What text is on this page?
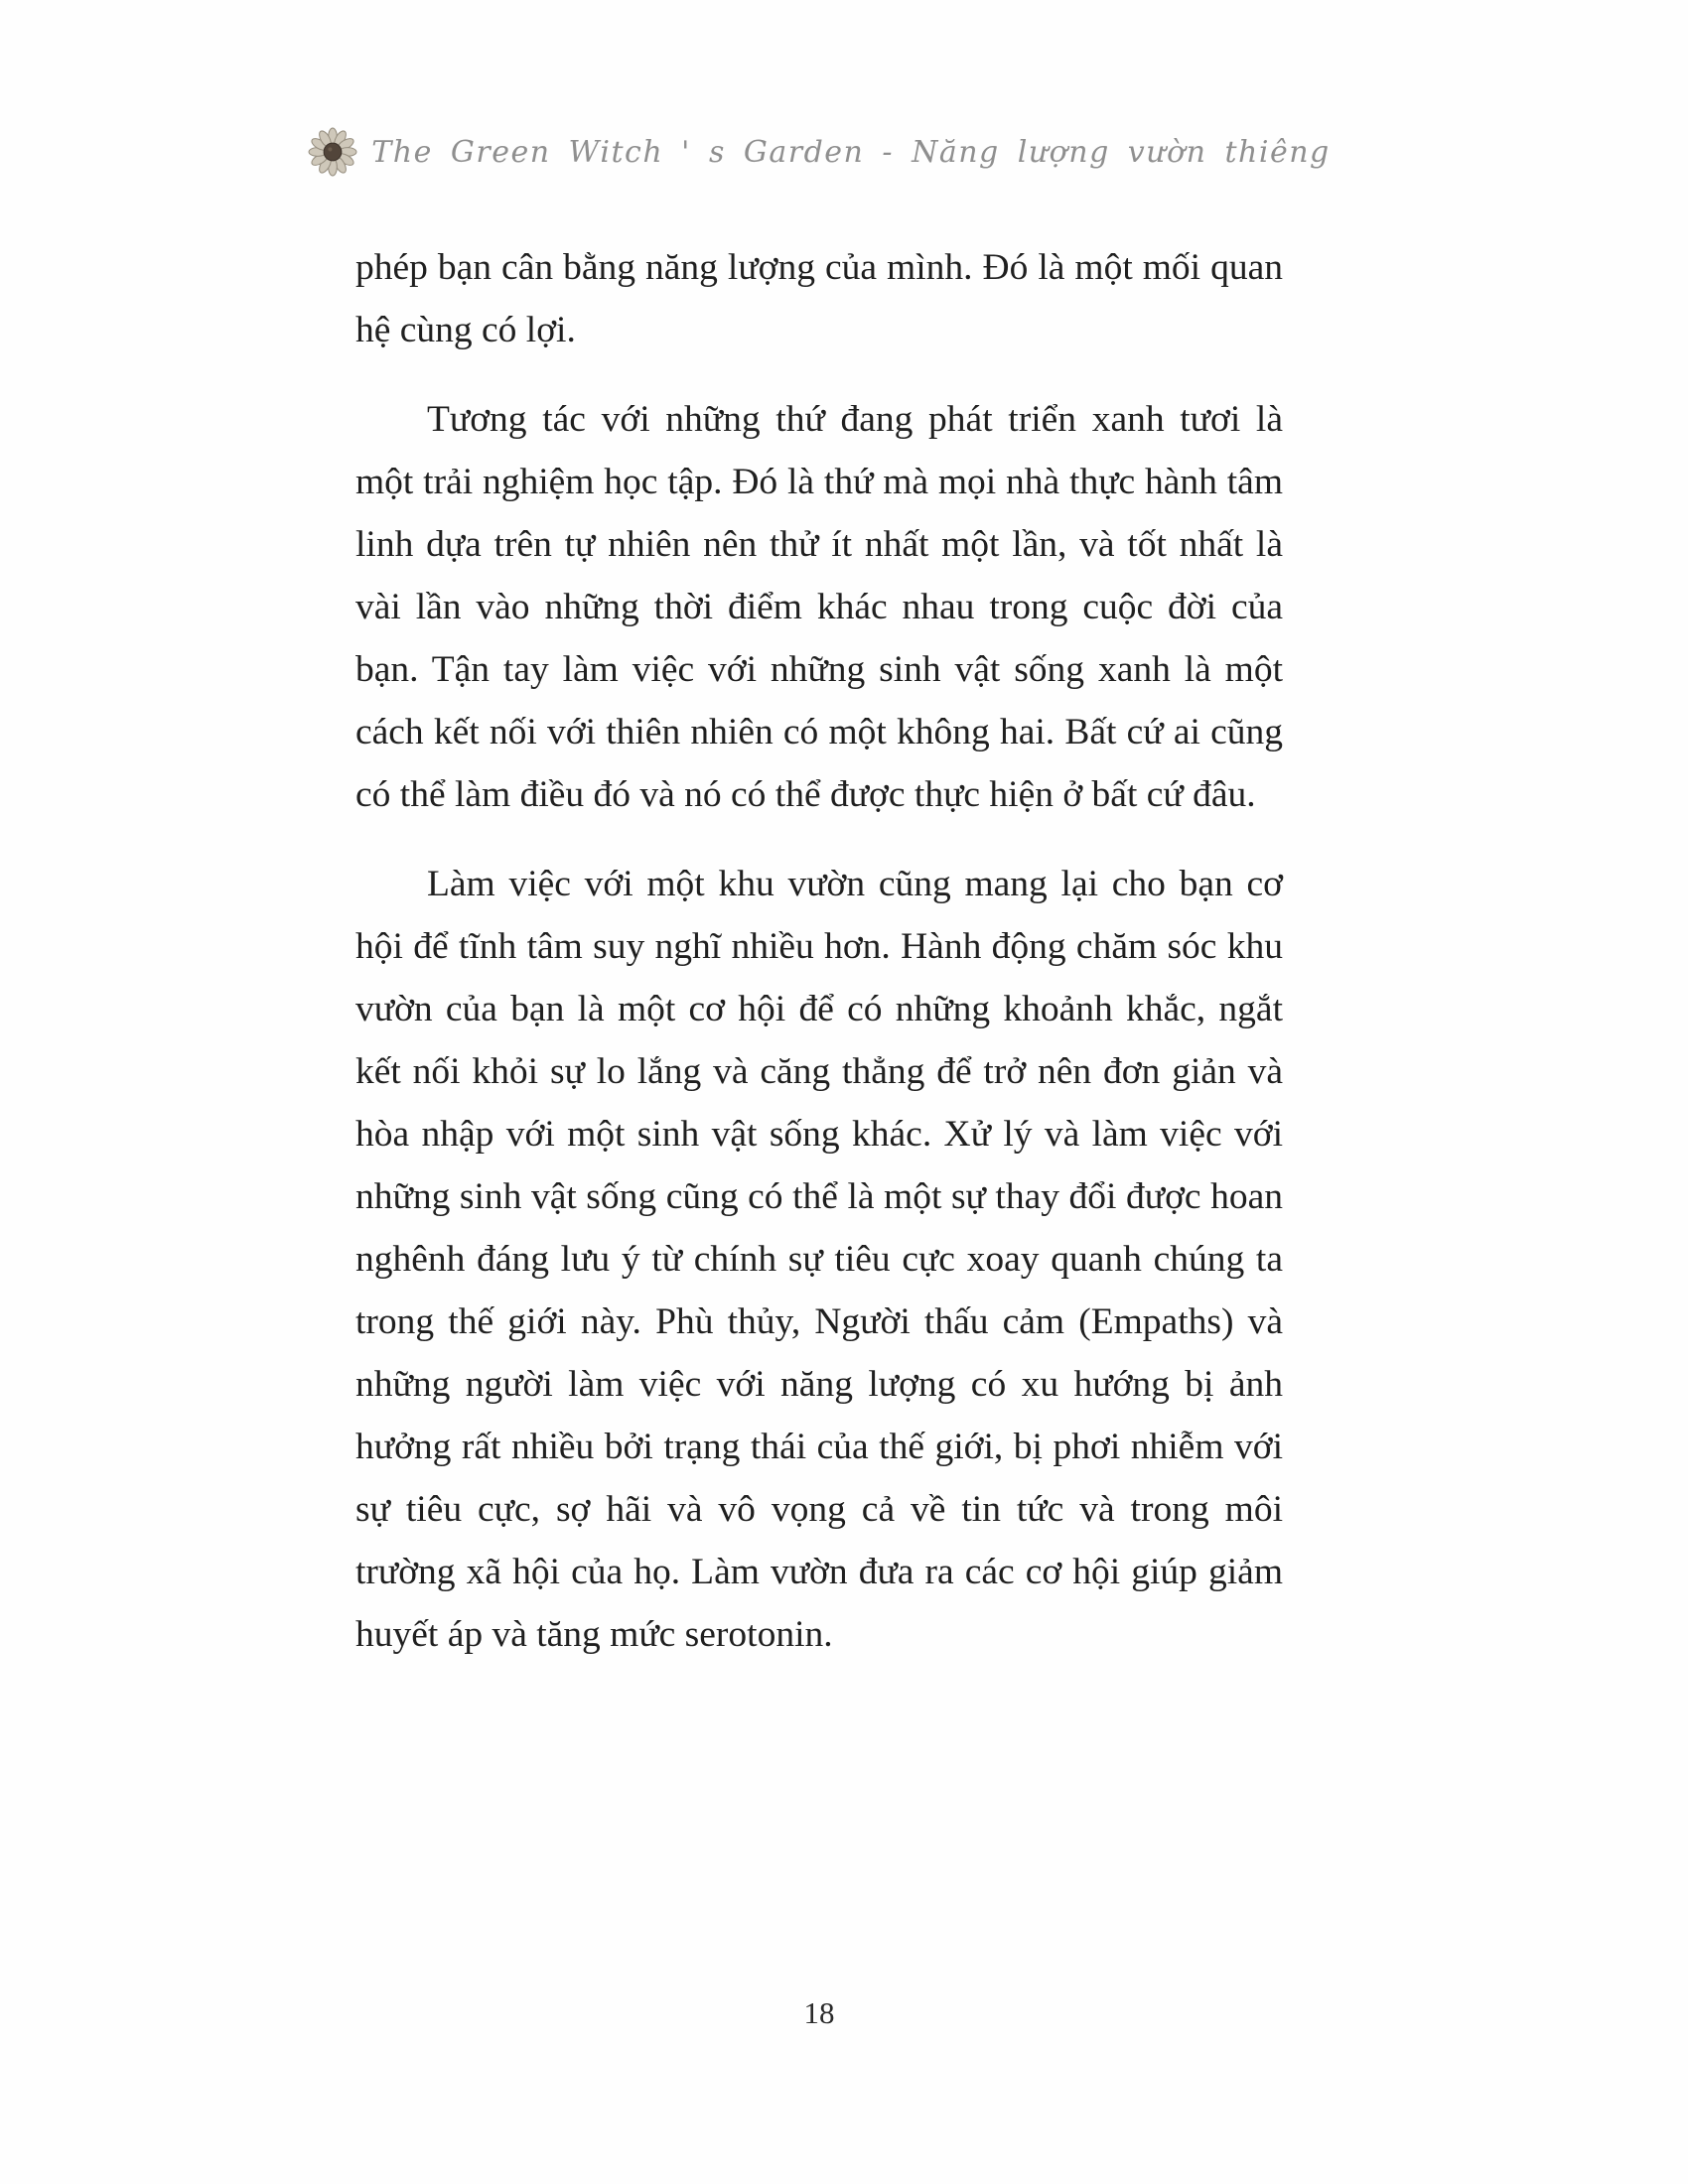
The Green Witch ' s Garden - Năng lượng vườn thiêng

phép bạn cân bằng năng lượng của mình. Đó là một mối quan hệ cùng có lợi.

Tương tác với những thứ đang phát triển xanh tươi là một trải nghiệm học tập. Đó là thứ mà mọi nhà thực hành tâm linh dựa trên tự nhiên nên thử ít nhất một lần, và tốt nhất là vài lần vào những thời điểm khác nhau trong cuộc đời của bạn. Tận tay làm việc với những sinh vật sống xanh là một cách kết nối với thiên nhiên có một không hai. Bất cứ ai cũng có thể làm điều đó và nó có thể được thực hiện ở bất cứ đâu.

Làm việc với một khu vườn cũng mang lại cho bạn cơ hội để tĩnh tâm suy nghĩ nhiều hơn. Hành động chăm sóc khu vườn của bạn là một cơ hội để có những khoảnh khắc, ngắt kết nối khỏi sự lo lắng và căng thẳng để trở nên đơn giản và hòa nhập với một sinh vật sống khác. Xử lý và làm việc với những sinh vật sống cũng có thể là một sự thay đổi được hoan nghênh đáng lưu ý từ chính sự tiêu cực xoay quanh chúng ta trong thế giới này. Phù thủy, Người thấu cảm (Empaths) và những người làm việc với năng lượng có xu hướng bị ảnh hưởng rất nhiều bởi trạng thái của thế giới, bị phơi nhiễm với sự tiêu cực, sợ hãi và vô vọng cả về tin tức và trong môi trường xã hội của họ. Làm vườn đưa ra các cơ hội giúp giảm huyết áp và tăng mức serotonin.

18
